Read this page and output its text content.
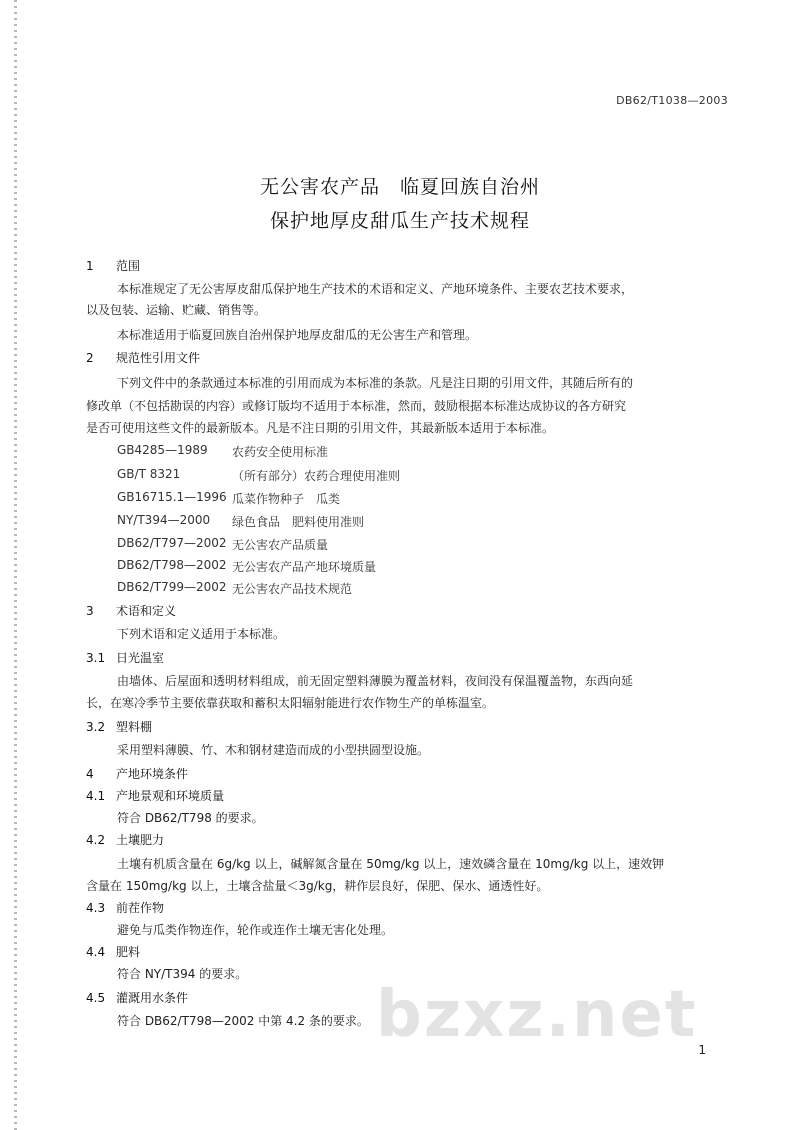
DB62/T1038—2003
无公害农产品　临夏回族自治州
保护地厚皮甜瓜生产技术规程
1 范围
本标准规定了无公害厚皮甜瓜保护地生产技术的术语和定义、产地环境条件、主要农艺技术要求，
以及包装、运输、贮藏、销售等。
本标准适用于临夏回族自治州保护地厚皮甜瓜的无公害生产和管理。
2 规范性引用文件
下列文件中的条款通过本标准的引用而成为本标准的条款。凡是注日期的引用文件，其随后所有的
修改单（不包括勘误的内容）或修订版均不适用于本标准，然而，鼓励根据本标准达成协议的各方研究
是否可使用这些文件的最新版本。凡是不注日期的引用文件，其最新版本适用于本标准。
GB4285—1989 农药安全使用标准
GB/T 8321	（所有部分）农药合理使用准则
GB16715.1—1996 瓜菜作物种子　瓜类
NY/T394—2000 绿色食品　肥料使用准则
DB62/T797—2002 无公害农产品质量
DB62/T798—2002 无公害农产品产地环境质量
DB62/T799—2002 无公害农产品技术规范
3 术语和定义
下列术语和定义适用于本标准。
3.1 日光温室
由墙体、后屋面和透明材料组成，前无固定塑料薄膜为覆盖材料，夜间没有保温覆盖物，东西向延
长，在寒冷季节主要依靠获取和蓄积太阳辐射能进行农作物生产的单栋温室。
3.2 塑料棚
采用塑料薄膜、竹、木和钢材建造而成的小型拱圆型设施。
4 产地环境条件
4.1 产地景观和环境质量
符合 DB62/T798 的要求。
4.2 土壤肥力
土壤有机质含量在 6g/kg 以上，碱解氮含量在 50mg/kg 以上，速效磷含量在 10mg/kg 以上，速效钾
含量在 150mg/kg 以上，土壤含盐量＜3g/kg，耕作层良好，保肥、保水、通透性好。
4.3 前茬作物
避免与瓜类作物连作，轮作或连作土壤无害化处理。
4.4 肥料
符合 NY/T394 的要求。
4.5 灌溉用水条件
符合 DB62/T798—2002 中第 4.2 条的要求。 bzxz.net 1
